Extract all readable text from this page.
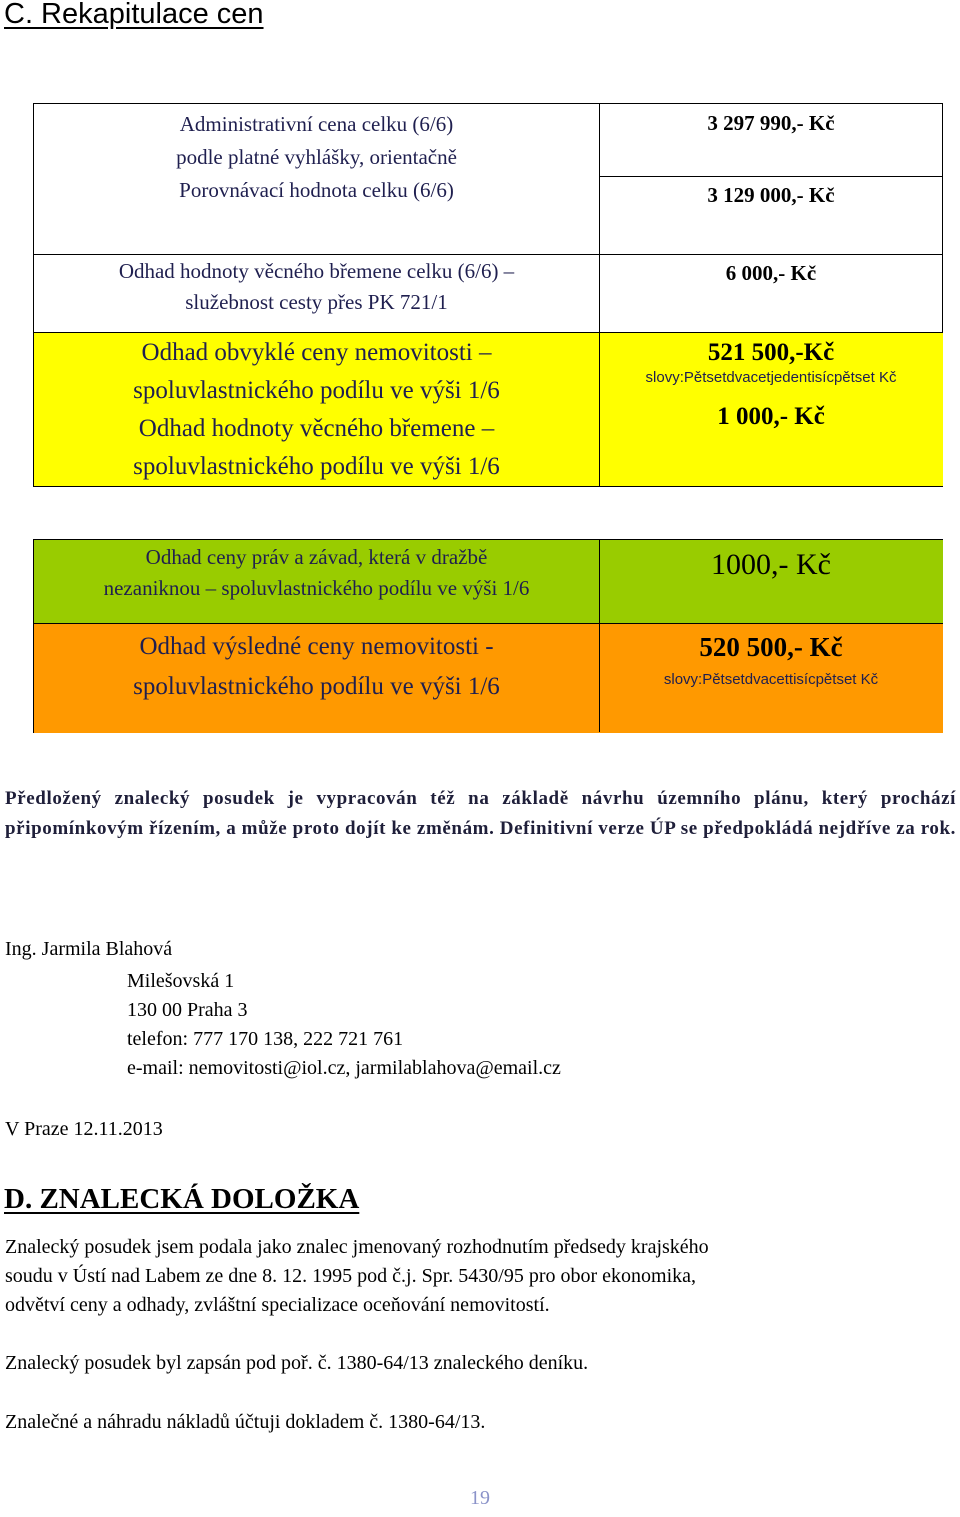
C. Rekapitulace cen
Administrativní cena celku (6/6)
podle platné vyhlášky, orientačně
Porovnávací hodnota celku (6/6)
3 297 990,- Kč
3 129 000,- Kč
Odhad hodnoty věcného břemene celku (6/6) –
služebnost cesty přes PK 721/1
6 000,- Kč
Odhad obvyklé ceny nemovitosti –
spoluvlastnického podílu ve výši 1/6
Odhad hodnoty věcného břemene –
spoluvlastnického podílu ve výši 1/6
521 500,-Kč
slovy:Pětsetdvacetjedentisícpětset Kč
1 000,- Kč
Odhad ceny práv a závad, která v dražbě
nezaniknou – spoluvlastnického podílu ve výši 1/6
1000,- Kč
Odhad výsledné ceny nemovitosti -
spoluvlastnického podílu ve výši 1/6
520 500,- Kč
slovy:Pětsetdvacettisícpětset Kč

Předložený znalecký posudek je vypracován též na základě návrhu územního plánu, který prochází připomínkovým řízením, a může proto dojít ke změnám. Definitivní verze ÚP se předpokládá nejdříve za rok.

Ing. Jarmila Blahová

Milešovská 1
130 00 Praha 3
telefon: 777 170 138, 222 721 761
e-mail: nemovitosti@iol.cz, jarmilablahova@email.cz

V Praze 12.11.2013

D. ZNALECKÁ DOLOŽKA
Znalecký posudek jsem podala jako znalec jmenovaný rozhodnutím předsedy krajského
soudu v Ústí nad Labem ze dne 8. 12. 1995 pod č.j. Spr. 5430/95 pro obor ekonomika,
odvětví ceny a odhady, zvláštní specializace oceňování nemovitostí.

Znalecký posudek byl zapsán pod poř. č. 1380-64/13 znaleckého deníku.

Znalečné a náhradu nákladů účtuji dokladem č. 1380-64/13.

19
